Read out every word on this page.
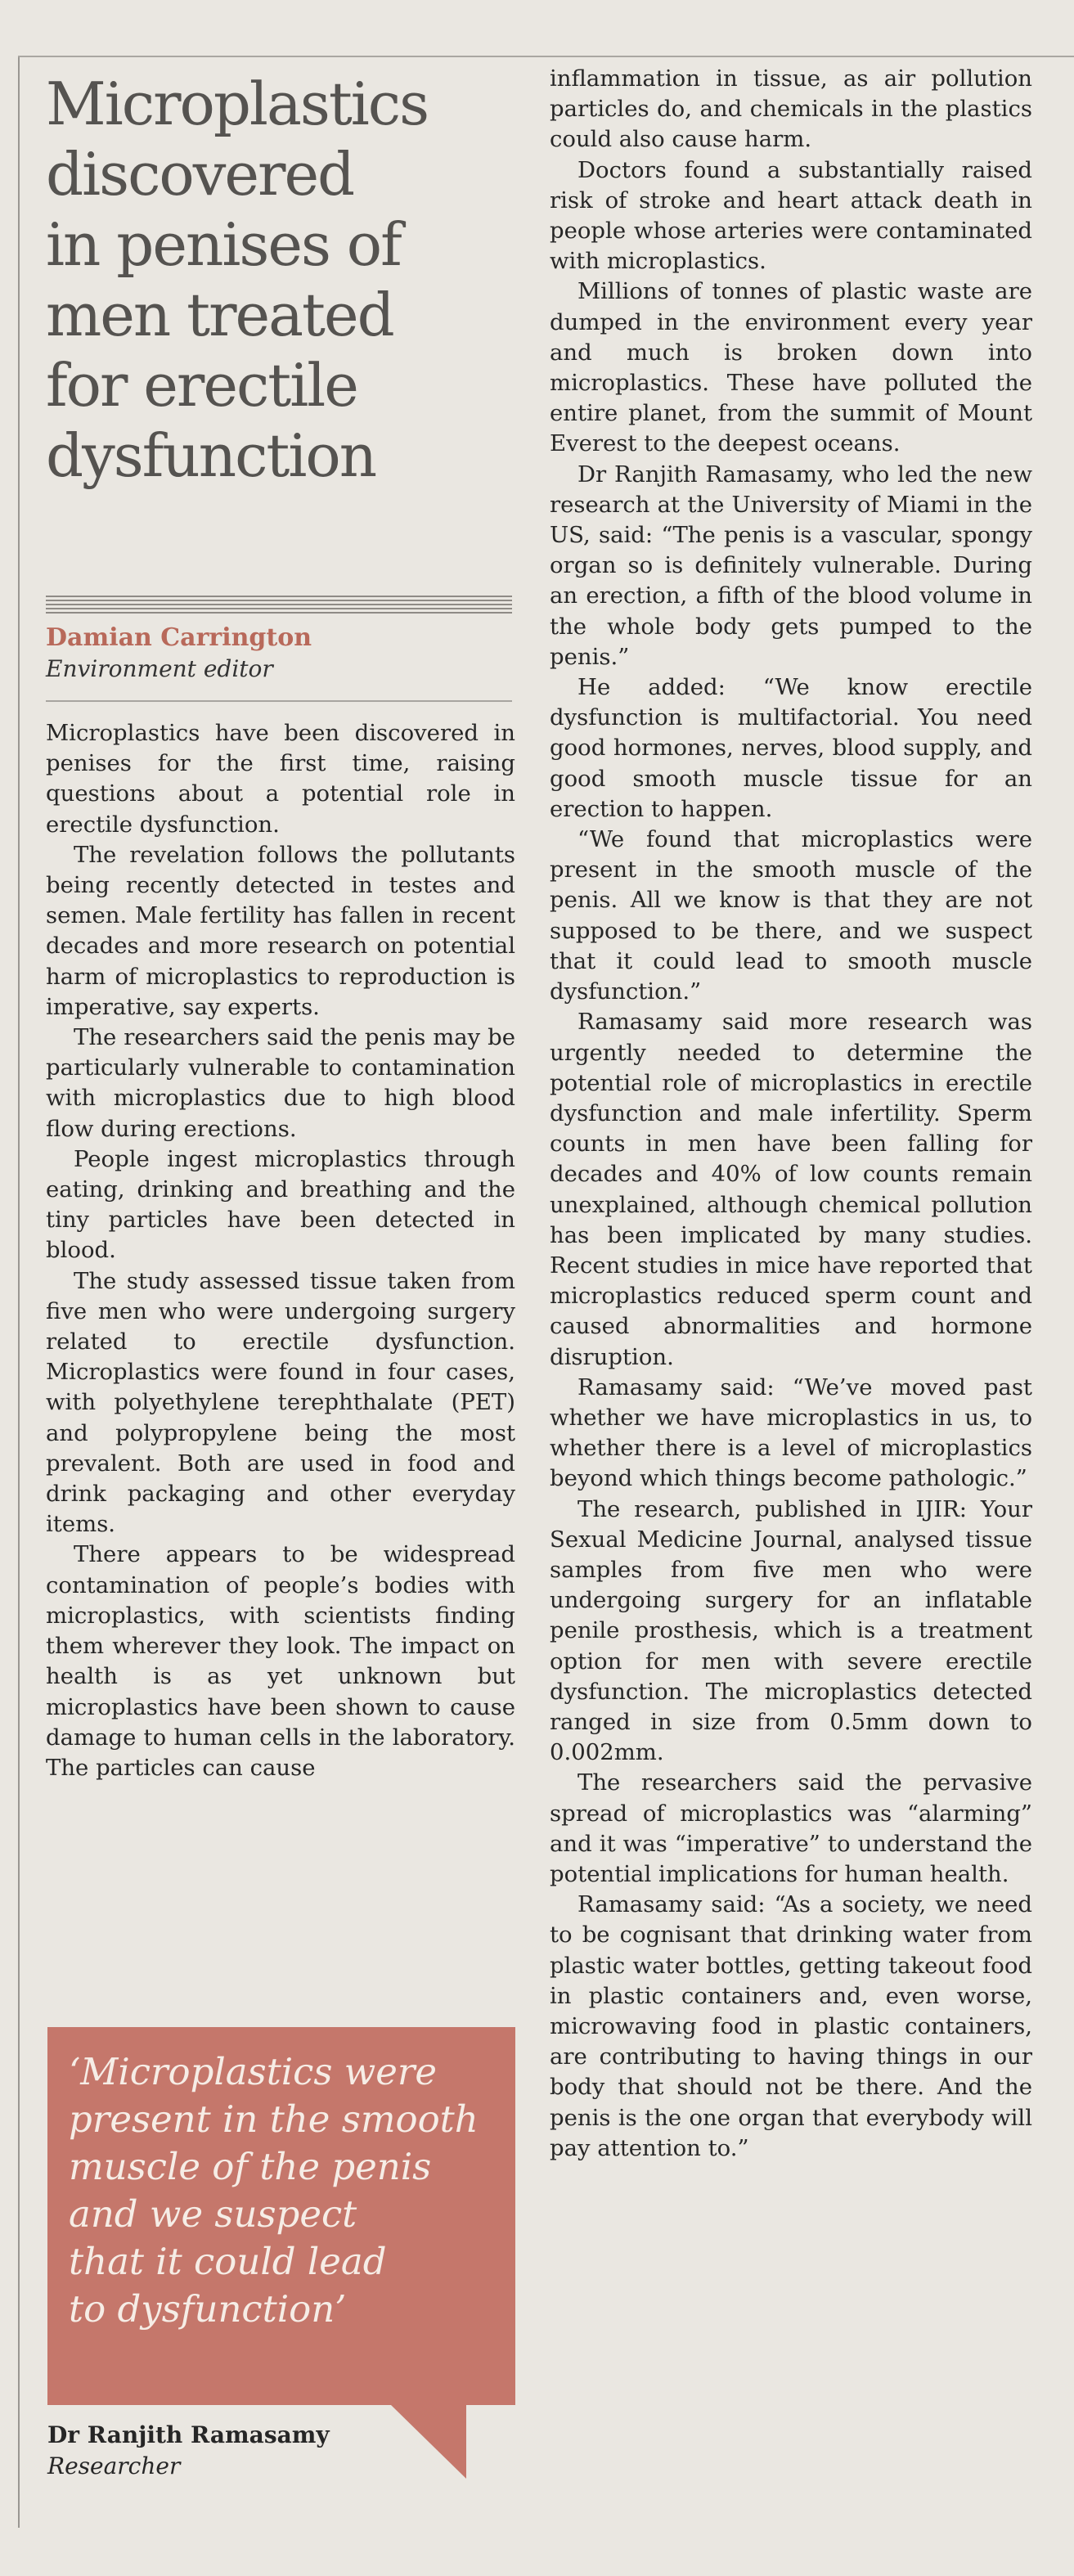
Microplastics
discovered
in penises of
men treated
for erectile
dysfunction
Damian Carrington
Environment editor

Microplastics have been discovered in penises for the first time, raising questions about a potential role in erectile dysfunction.

The revelation follows the pollutants being recently detected in testes and semen. Male fertility has fallen in recent decades and more research on potential harm of microplastics to reproduction is imperative, say experts.

The researchers said the penis may be particularly vulnerable to contamination with microplastics due to high blood flow during erections.

People ingest microplastics through eating, drinking and breathing and the tiny particles have been detected in blood.

The study assessed tissue taken from five men who were undergoing surgery related to erectile dysfunction. Microplastics were found in four cases, with polyethylene terephthalate (PET) and polypropylene being the most prevalent. Both are used in food and drink packaging and other everyday items.

There appears to be widespread contamination of people’s bodies with microplastics, with scientists finding them wherever they look. The impact on health is as yet unknown but microplastics have been shown to cause damage to human cells in the laboratory. The particles can cause

‘Microplastics were
present in the smooth
muscle of the penis
and we suspect
that it could lead
to dysfunction’
Dr Ranjith Ramasamy
Researcher

inflammation in tissue, as air pollution particles do, and chemicals in the plastics could also cause harm.

Doctors found a substantially raised risk of stroke and heart attack death in people whose arteries were contaminated with microplastics.

Millions of tonnes of plastic waste are dumped in the environment every year and much is broken down into microplastics. These have polluted the entire planet, from the summit of Mount Everest to the deepest oceans.

Dr Ranjith Ramasamy, who led the new research at the University of Miami in the US, said: “The penis is a vascular, spongy organ so is definitely vulnerable. During an erection, a fifth of the blood volume in the whole body gets pumped to the penis.”

He added: “We know erectile dysfunction is multifactorial. You need good hormones, nerves, blood supply, and good smooth muscle tissue for an erection to happen.

“We found that microplastics were present in the smooth muscle of the penis. All we know is that they are not supposed to be there, and we suspect that it could lead to smooth muscle dysfunction.”

Ramasamy said more research was urgently needed to determine the potential role of microplastics in erectile dysfunction and male infertility. Sperm counts in men have been falling for decades and 40% of low counts remain unexplained, although chemical pollution has been implicated by many studies. Recent studies in mice have reported that microplastics reduced sperm count and caused abnormalities and hormone disruption.

Ramasamy said: “We’ve moved past whether we have microplastics in us, to whether there is a level of microplastics beyond which things become pathologic.”

The research, published in IJIR: Your Sexual Medicine Journal, analysed tissue samples from five men who were undergoing surgery for an inflatable penile prosthesis, which is a treatment option for men with severe erectile dysfunction. The microplastics detected ranged in size from 0.5mm down to 0.002mm.

The researchers said the pervasive spread of microplastics was “alarming” and it was “imperative” to understand the potential implications for human health.

Ramasamy said: “As a society, we need to be cognisant that drinking water from plastic water bottles, getting takeout food in plastic containers and, even worse, microwaving food in plastic containers, are contributing to having things in our body that should not be there. And the penis is the one organ that everybody will pay attention to.”
